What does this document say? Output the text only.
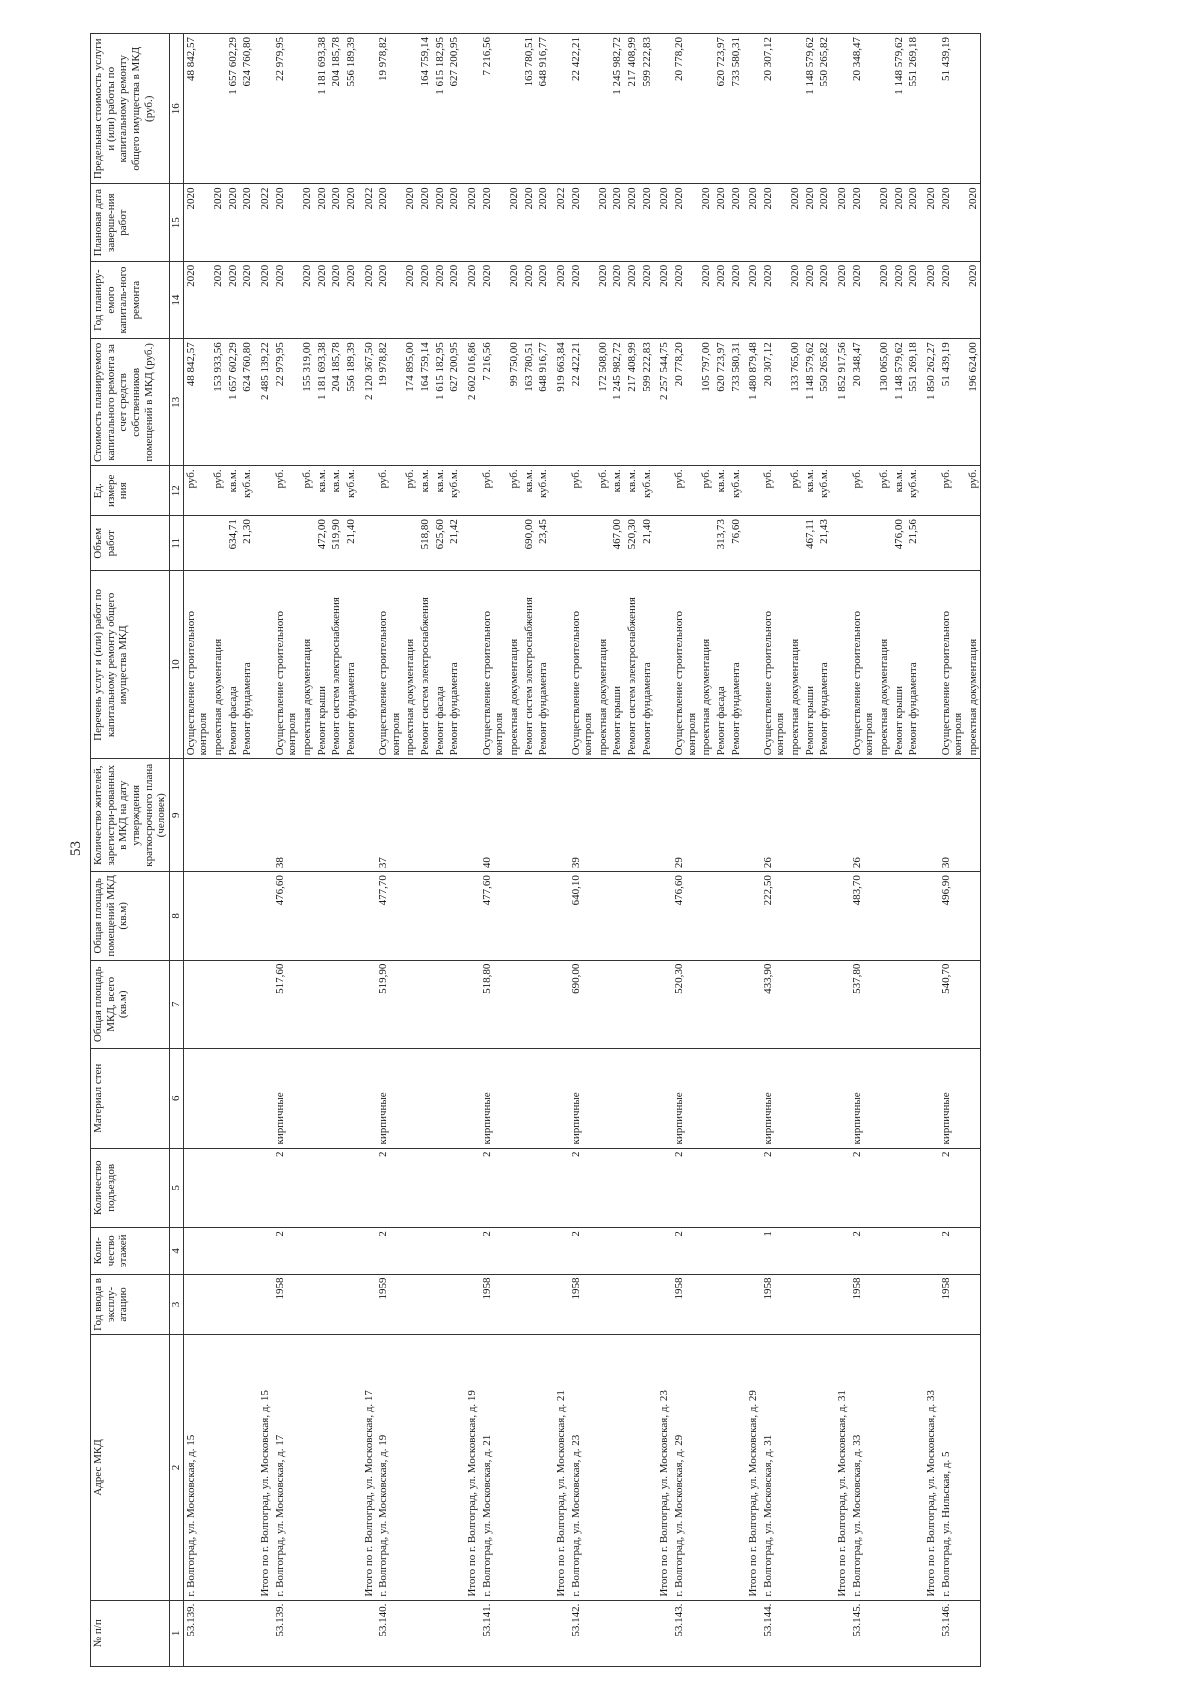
53
№ п/п	Адрес МКД	Год ввода в эксплу-атацию	Коли-чество этажей	Количество подъездов	Материал стен	Общая площадь МКД, всего (кв.м)	Общая площадь помещений МКД (кв.м)	Количество жителей, зарегистри-рованных в МКД на дату утверждения краткосрочного плана (человек)	Перечень услуг и (или) работ по капитальному ремонту общего имущества МКД	Объем работ	Ед. измере ния	Стоимость планируемого капитального ремонта за счет средств собственников помещений в МКД (руб.)	Год планиру-емого капиталь-ного ремонта	Плановая дата заверше-ния работ	Предельная стоимость услуги и (или) работы по капитальному ремонту общего имущества в МКД (руб.)
1	2	3	4	5	6	7	8	9	10	11	12	13	14	15	16
53.139.	г. Волгоград, ул. Московская, д. 15								Осуществление строительного контроля		руб.	48 842,57	2020	2020	48 842,57
									проектная документация		руб.	153 933,56	2020	2020	
									Ремонт фасада	634,71	кв.м.	1 657 602,29	2020	2020	1 657 602,29
									Ремонт фундамента	21,30	куб.м.	624 760,80	2020	2020	624 760,80
	Итого по г. Волгоград, ул. Московская, д. 15											2 485 139,22	2020	2022	
53.139.	г. Волгоград, ул. Московская, д. 17	1958	2	2	кирпичные	517,60	476,60	38	Осуществление строительного контроля		руб.	22 979,95	2020	2020	22 979,95
									проектная документация		руб.	155 319,00	2020	2020	
									Ремонт крыши	472,00	кв.м.	1 181 693,38	2020	2020	1 181 693,38
									Ремонт систем электроснабжения	519,90	кв.м.	204 185,78	2020	2020	204 185,78
									Ремонт фундамента	21,40	куб.м.	556 189,39	2020	2020	556 189,39
	Итого по г. Волгоград, ул. Московская, д. 17											2 120 367,50	2020	2022	
53.140.	г. Волгоград, ул. Московская, д. 19	1959	2	2	кирпичные	519,90	477,70	37	Осуществление строительного контроля		руб.	19 978,82	2020	2020	19 978,82
									проектная документация		руб.	174 895,00	2020	2020	
									Ремонт систем электроснабжения	518,80	кв.м.	164 759,14	2020	2020	164 759,14
									Ремонт фасада	625,60	кв.м.	1 615 182,95	2020	2020	1 615 182,95
									Ремонт фундамента	21,42	куб.м.	627 200,95	2020	2020	627 200,95
	Итого по г. Волгоград, ул. Московская, д. 19											2 602 016,86	2020	2020	
53.141.	г. Волгоград, ул. Московская, д. 21	1958	2	2	кирпичные	518,80	477,60	40	Осуществление строительного контроля		руб.	7 216,56	2020	2020	7 216,56
									проектная документация		руб.	99 750,00	2020	2020	
									Ремонт систем электроснабжения	690,00	кв.м.	163 780,51	2020	2020	163 780,51
									Ремонт фундамента	23,45	куб.м.	648 916,77	2020	2020	648 916,77
	Итого по г. Волгоград, ул. Московская, д. 21											919 663,84	2020	2022	
53.142.	г. Волгоград, ул. Московская, д. 23	1958	2	2	кирпичные	690,00	640,10	39	Осуществление строительного контроля		руб.	22 422,21	2020	2020	22 422,21
									проектная документация		руб.	172 508,00	2020	2020	
									Ремонт крыши	467,00	кв.м.	1 245 982,72	2020	2020	1 245 982,72
									Ремонт систем электроснабжения	520,30	кв.м.	217 408,99	2020	2020	217 408,99
									Ремонт фундамента	21,40	куб.м.	599 222,83	2020	2020	599 222,83
	Итого по г. Волгоград, ул. Московская, д. 23											2 257 544,75	2020	2020	
53.143.	г. Волгоград, ул. Московская, д. 29	1958	2	2	кирпичные	520,30	476,60	29	Осуществление строительного контроля		руб.	20 778,20	2020	2020	20 778,20
									проектная документация		руб.	105 797,00	2020	2020	
									Ремонт фасада	313,73	кв.м.	620 723,97	2020	2020	620 723,97
									Ремонт фундамента	76,60	куб.м.	733 580,31	2020	2020	733 580,31
	Итого по г. Волгоград, ул. Московская, д. 29											1 480 879,48	2020	2020	
53.144.	г. Волгоград, ул. Московская, д. 31	1958	1	2	кирпичные	433,90	222,50	26	Осуществление строительного контроля		руб.	20 307,12	2020	2020	20 307,12
									проектная документация		руб.	133 765,00	2020	2020	
									Ремонт крыши	467,11	кв.м.	1 148 579,62	2020	2020	1 148 579,62
									Ремонт фундамента	21,43	куб.м.	550 265,82	2020	2020	550 265,82
	Итого по г. Волгоград, ул. Московская, д. 31											1 852 917,56	2020	2020	
53.145.	г. Волгоград, ул. Московская, д. 33	1958	2	2	кирпичные	537,80	483,70	26	Осуществление строительного контроля		руб.	20 348,47	2020	2020	20 348,47
									проектная документация		руб.	130 065,00	2020	2020	
									Ремонт крыши	476,00	кв.м.	1 148 579,62	2020	2020	1 148 579,62
									Ремонт фундамента	21,56	куб.м.	551 269,18	2020	2020	551 269,18
	Итого по г. Волгоград, ул. Московская, д. 33											1 850 262,27	2020	2020	
53.146.	г. Волгоград, ул. Нильская, д. 5	1958	2	2	кирпичные	540,70	496,90	30	Осуществление строительного контроля		руб.	51 439,19	2020	2020	51 439,19
									проектная документация		руб.	196 624,00	2020	2020	
